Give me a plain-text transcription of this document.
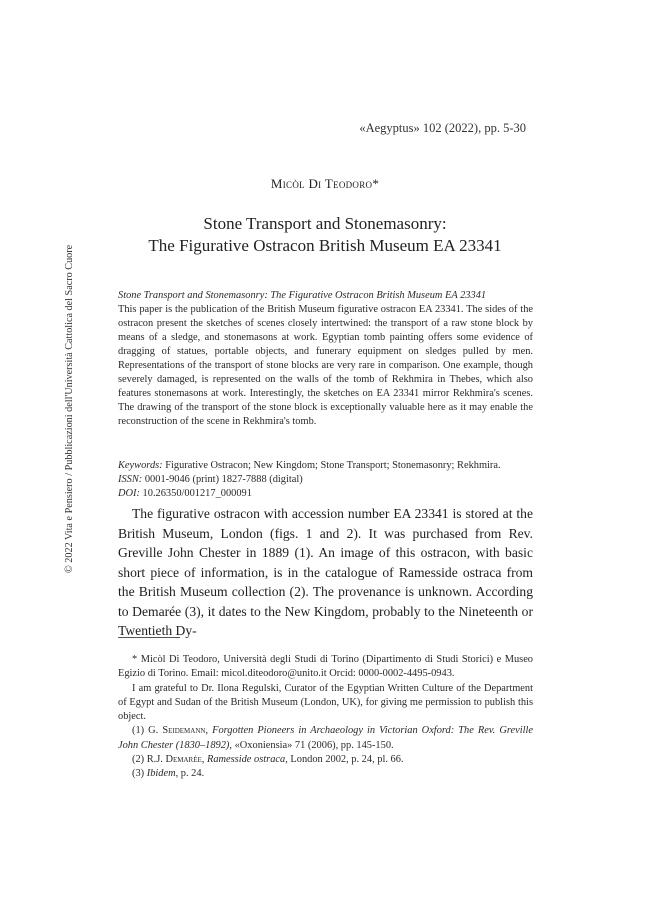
«Aegyptus» 102 (2022), pp. 5-30
Micòl Di Teodoro*
Stone Transport and Stonemasonry:
The Figurative Ostracon British Museum EA 23341
Stone Transport and Stonemasonry: The Figurative Ostracon British Museum EA 23341
This paper is the publication of the British Museum figurative ostracon EA 23341. The sides of the ostracon present the sketches of scenes closely intertwined: the transport of a raw stone block by means of a sledge, and stonemasons at work. Egyptian tomb painting offers some evidence of dragging of statues, portable objects, and funerary equipment on sledges pulled by men. Representations of the transport of stone blocks are very rare in comparison. One example, though severely damaged, is represented on the walls of the tomb of Rekhmira in Thebes, which also features stonemasons at work. Interestingly, the sketches on EA 23341 mirror Rekhmira's scenes. The drawing of the transport of the stone block is exceptionally valuable here as it may enable the reconstruction of the scene in Rekhmira's tomb.
Keywords: Figurative Ostracon; New Kingdom; Stone Transport; Stonemasonry; Rekhmira.
ISSN: 0001-9046 (print) 1827-7888 (digital)
DOI: 10.26350/001217_000091
The figurative ostracon with accession number EA 23341 is stored at the British Museum, London (figs. 1 and 2). It was purchased from Rev. Greville John Chester in 1889 (1). An image of this ostracon, with basic short piece of information, is in the catalogue of Ramesside ostraca from the British Museum collection (2). The provenance is unknown. According to Demarée (3), it dates to the New Kingdom, probably to the Nineteenth or Twentieth Dy-

* Micòl Di Teodoro, Università degli Studi di Torino (Dipartimento di Studi Storici) e Museo Egizio di Torino. Email: micol.diteodoro@unito.it Orcid: 0000-0002-4495-0943.

I am grateful to Dr. Ilona Regulski, Curator of the Egyptian Written Culture of the Department of Egypt and Sudan of the British Museum (London, UK), for giving me permission to publish this object.

(1) G. Seidemann, Forgotten Pioneers in Archaeology in Victorian Oxford: The Rev. Greville John Chester (1830–1892), «Oxoniensia» 71 (2006), pp. 145-150.

(2) R.J. Demarée, Ramesside ostraca, London 2002, p. 24, pl. 66.

(3) Ibidem, p. 24.

© 2022 Vita e Pensiero / Pubblicazioni dell'Università Cattolica del Sacro Cuore
